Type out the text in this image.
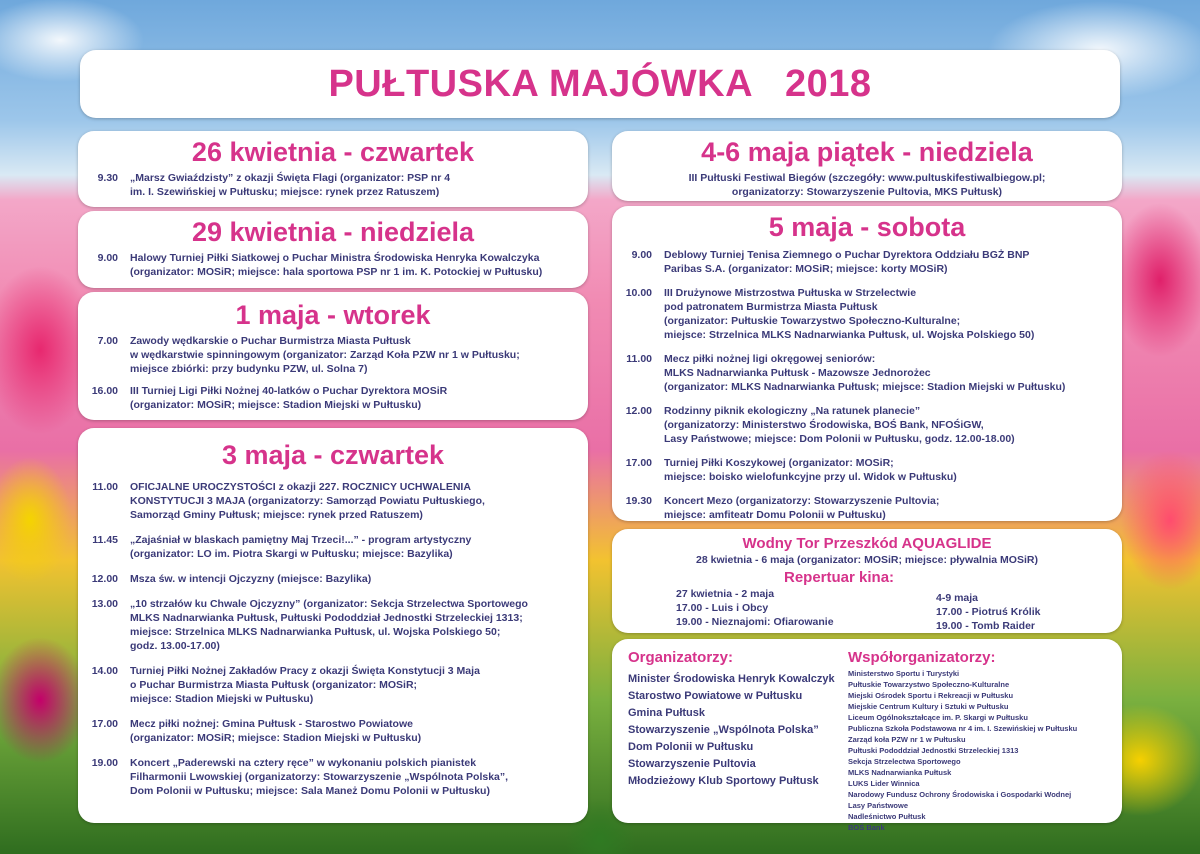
PUŁTUSKA MAJÓWKA 2018
26 kwietnia - czwartek
9.30 „Marsz Gwiaździsty” z okazji Święta Flagi (organizator: PSP nr 4
im. I. Szewińskiej w Pułtusku; miejsce: rynek przez Ratuszem)
29 kwietnia - niedziela
9.00 Halowy Turniej Piłki Siatkowej o Puchar Ministra Środowiska Henryka Kowalczyka
(organizator: MOSiR; miejsce: hala sportowa PSP nr 1 im. K. Potockiej w Pułtusku)
1 maja - wtorek
7.00 Zawody wędkarskie o Puchar Burmistrza Miasta Pułtusk
w wędkarstwie spinningowym (organizator: Zarząd Koła PZW nr 1 w Pułtusku;
miejsce zbiórki: przy budynku PZW, ul. Solna 7)
16.00 III Turniej Ligi Piłki Nożnej 40-latków o Puchar Dyrektora MOSiR
(organizator: MOSiR; miejsce: Stadion Miejski w Pułtusku)
3 maja - czwartek
11.00 OFICJALNE UROCZYSTOŚCI z okazji 227. ROCZNICY UCHWALENIA
KONSTYTUCJI 3 MAJA (organizatorzy: Samorząd Powiatu Pułtuskiego,
Samorząd Gminy Pułtusk; miejsce: rynek przed Ratuszem)
11.45 „Zajaśniał w blaskach pamiętny Maj Trzeci!...” - program artystyczny
(organizator: LO im. Piotra Skargi w Pułtusku; miejsce: Bazylika)
12.00 Msza św. w intencji Ojczyzny (miejsce: Bazylika)
13.00 „10 strzałów ku Chwale Ojczyzny” (organizator: Sekcja Strzelectwa Sportowego
MLKS Nadnarwianka Pułtusk, Pułtuski Pododdział Jednostki Strzeleckiej 1313;
miejsce: Strzelnica MLKS Nadnarwianka Pułtusk, ul. Wojska Polskiego 50;
godz. 13.00-17.00)
14.00 Turniej Piłki Nożnej Zakładów Pracy z okazji Święta Konstytucji 3 Maja
o Puchar Burmistrza Miasta Pułtusk (organizator: MOSiR;
miejsce: Stadion Miejski w Pułtusku)
17.00 Mecz piłki nożnej: Gmina Pułtusk - Starostwo Powiatowe
(organizator: MOSiR; miejsce: Stadion Miejski w Pułtusku)
19.00 Koncert „Paderewski na cztery ręce” w wykonaniu polskich pianistek
Filharmonii Lwowskiej (organizatorzy: Stowarzyszenie „Wspólnota Polska”,
Dom Polonii w Pułtusku; miejsce: Sala Maneż Domu Polonii w Pułtusku)
4-6 maja piątek - niedziela
III Pułtuski Festiwal Biegów (szczegóły: www.pultuskifestiwalbiegow.pl;
organizatorzy: Stowarzyszenie Pultovia, MKS Pułtusk)
5 maja - sobota
9.00 Deblowy Turniej Tenisa Ziemnego o Puchar Dyrektora Oddziału BGŻ BNP
Paribas S.A. (organizator: MOSiR; miejsce: korty MOSiR)
10.00 III Drużynowe Mistrzostwa Pułtuska w Strzelectwie
pod patronatem Burmistrza Miasta Pułtusk
(organizator: Pułtuskie Towarzystwo Społeczno-Kulturalne;
miejsce: Strzelnica MLKS Nadnarwianka Pułtusk, ul. Wojska Polskiego 50)
11.00 Mecz piłki nożnej ligi okręgowej seniorów:
MLKS Nadnarwianka Pułtusk - Mazowsze Jednorożec
(organizator: MLKS Nadnarwianka Pułtusk; miejsce: Stadion Miejski w Pułtusku)
12.00 Rodzinny piknik ekologiczny „Na ratunek planecie”
(organizatorzy: Ministerstwo Środowiska, BOŚ Bank, NFOŚiGW,
Lasy Państwowe; miejsce: Dom Polonii w Pułtusku, godz. 12.00-18.00)
17.00 Turniej Piłki Koszykowej (organizator: MOSiR;
miejsce: boisko wielofunkcyjne przy ul. Widok w Pułtusku)
19.30 Koncert Mezo (organizatorzy: Stowarzyszenie Pultovia;
miejsce: amfiteatr Domu Polonii w Pułtusku)
Wodny Tor Przeszkód AQUAGLIDE
28 kwietnia - 6 maja (organizator: MOSiR; miejsce: pływalnia MOSiR)
Repertuar kina:
27 kwietnia - 2 maja
17.00 - Luis i Obcy
19.00 - Nieznajomi: Ofiarowanie
4-9 maja
17.00 - Piotruś Królik
19.00 - Tomb Raider
Organizatorzy:
Minister Środowiska Henryk Kowalczyk
Starostwo Powiatowe w Pułtusku
Gmina Pułtusk
Stowarzyszenie „Wspólnota Polska”
Dom Polonii w Pułtusku
Stowarzyszenie Pultovia
Młodzieżowy Klub Sportowy Pułtusk
Współorganizatorzy:
Ministerstwo Sportu i Turystyki
Pułtuskie Towarzystwo Społeczno-Kulturalne
Miejski Ośrodek Sportu i Rekreacji w Pułtusku
Miejskie Centrum Kultury i Sztuki w Pułtusku
Liceum Ogólnokształcące im. P. Skargi w Pułtusku
Publiczna Szkoła Podstawowa nr 4 im. I. Szewińskiej w Pułtusku
Zarząd koła PZW nr 1 w Pułtusku
Pułtuski Pododdział Jednostki Strzeleckiej 1313
Sekcja Strzelectwa Sportowego
MLKS Nadnarwianka Pułtusk
LUKS Lider Winnica
Narodowy Fundusz Ochrony Środowiska i Gospodarki Wodnej
Lasy Państwowe
Nadleśnictwo Pułtusk
BOŚ Bank
